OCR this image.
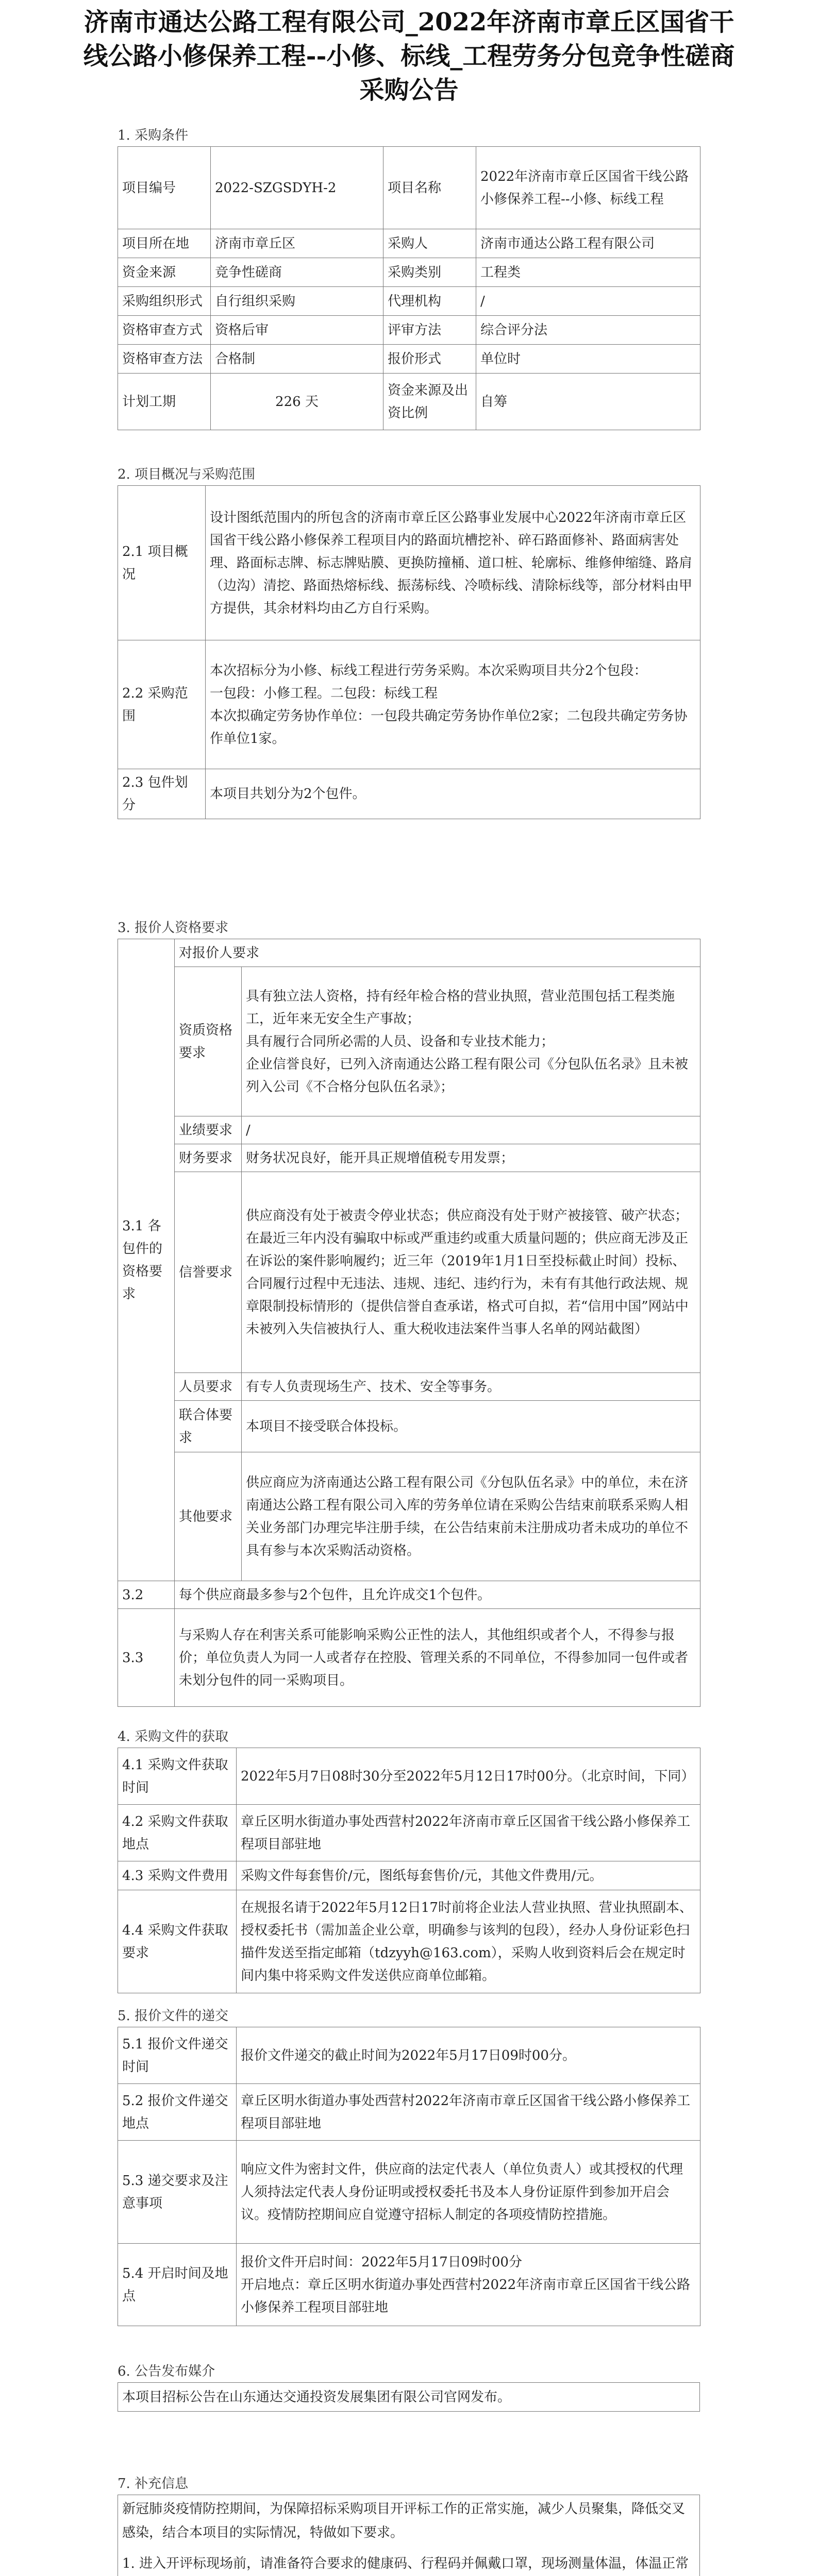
济南市通达公路工程有限公司_2022年济南市章丘区国省干线公路小修保养工程--小修、标线_工程劳务分包竞争性磋商采购公告
1. 采购条件
项目编号	2022-SZGSDYH-2	项目名称	2022年济南市章丘区国省干线公路小修保养工程--小修、标线工程
项目所在地	济南市章丘区	采购人	济南市通达公路工程有限公司
资金来源	竞争性磋商	采购类别	工程类
采购组织形式	自行组织采购	代理机构	/
资格审查方式	资格后审	评审方法	综合评分法
资格审查方法	合格制	报价形式	单位时
计划工期	226 天	资金来源及出资比例	自筹
2. 项目概况与采购范围
2.1 项目概况	设计图纸范围内的所包含的济南市章丘区公路事业发展中心2022年济南市章丘区国省干线公路小修保养工程项目内的路面坑槽挖补、碎石路面修补、路面病害处理、路面标志牌、标志牌贴膜、更换防撞桶、道口桩、轮廓标、维修伸缩缝、路肩（边沟）清挖、路面热熔标线、振荡标线、冷喷标线、清除标线等，部分材料由甲方提供，其余材料均由乙方自行采购。
2.2 采购范围	本次招标分为小修、标线工程进行劳务采购。本次采购项目共分2个包段：
一包段：小修工程。二包段：标线工程
本次拟确定劳务协作单位：一包段共确定劳务协作单位2家；二包段共确定劳务协作单位1家。

2.3 包件划分	本项目共划分为2个包件。
3. 报价人资格要求
3.1 各包件的资格要求	对报价人要求	
	资质资格要求	具有独立法人资格，持有经年检合格的营业执照，营业范围包括工程类施工，近年来无安全生产事故；
具有履行合同所必需的人员、设备和专业技术能力；
企业信誉良好，已列入济南通达公路工程有限公司《分包队伍名录》且未被列入公司《不合格分包队伍名录》；

	业绩要求	/
	财务要求	财务状况良好，能开具正规增值税专用发票；
	信誉要求	供应商没有处于被责令停业状态；供应商没有处于财产被接管、破产状态；在最近三年内没有骗取中标或严重违约或重大质量问题的；供应商无涉及正在诉讼的案件影响履约；近三年（2019年1月1日至投标截止时间）投标、合同履行过程中无违法、违规、违纪、违约行为，未有有其他行政法规、规章限制投标情形的（提供信誉自查承诺，格式可自拟，若“信用中国”网站中未被列入失信被执行人、重大税收违法案件当事人名单的网站截图）
	人员要求	有专人负责现场生产、技术、安全等事务。
	联合体要求	本项目不接受联合体投标。
	其他要求	供应商应为济南通达公路工程有限公司《分包队伍名录》中的单位，未在济南通达公路工程有限公司入库的劳务单位请在采购公告结束前联系采购人相关业务部门办理完毕注册手续，在公告结束前未注册成功者未成功的单位不具有参与本次采购活动资格。
3.2	每个供应商最多参与2个包件，且允许成交1个包件。	
3.3	与采购人存在利害关系可能影响采购公正性的法人，其他组织或者个人，不得参与报价；单位负责人为同一人或者存在控股、管理关系的不同单位，不得参加同一包件或者未划分包件的同一采购项目。	
4. 采购文件的获取
4.1 采购文件获取时间	2022年5月7日08时30分至2022年5月12日17时00分。（北京时间，下同）
4.2 采购文件获取地点	章丘区明水街道办事处西营村2022年济南市章丘区国省干线公路小修保养工程项目部驻地
4.3 采购文件费用	采购文件每套售价/元，图纸每套售价/元，其他文件费用/元。
4.4 采购文件获取要求	在规报名请于2022年5月12日17时前将企业法人营业执照、营业执照副本、授权委托书（需加盖企业公章，明确参与该判的包段），经办人身份证彩色扫描件发送至指定邮箱（tdzyyh@163.com），采购人收到资料后会在规定时间内集中将采购文件发送供应商单位邮箱。
5. 报价文件的递交
5.1 报价文件递交时间	报价文件递交的截止时间为2022年5月17日09时00分。
5.2 报价文件递交地点	章丘区明水街道办事处西营村2022年济南市章丘区国省干线公路小修保养工程项目部驻地
5.3 递交要求及注意事项	响应文件为密封文件，供应商的法定代表人（单位负责人）或其授权的代理人须持法定代表人身份证明或授权委托书及本人身份证原件到参加开启会议。疫情防控期间应自觉遵守招标人制定的各项疫情防控措施。
5.4 开启时间及地点	报价文件开启时间：2022年5月17日09时00分
开启地点：章丘区明水街道办事处西营村2022年济南市章丘区国省干线公路小修保养工程项目部驻地
6. 公告发布媒介
本项目招标公告在山东通达交通投资发展集团有限公司官网发布。
7. 补充信息

新冠肺炎疫情防控期间，为保障招标采购项目开评标工作的正常实施，减少人员聚集，降低交叉感染，结合本项目的实际情况，特做如下要求。

1. 进入开评标现场前，请准备符合要求的健康码、行程码并佩戴口罩，现场测量体温，体温正常
